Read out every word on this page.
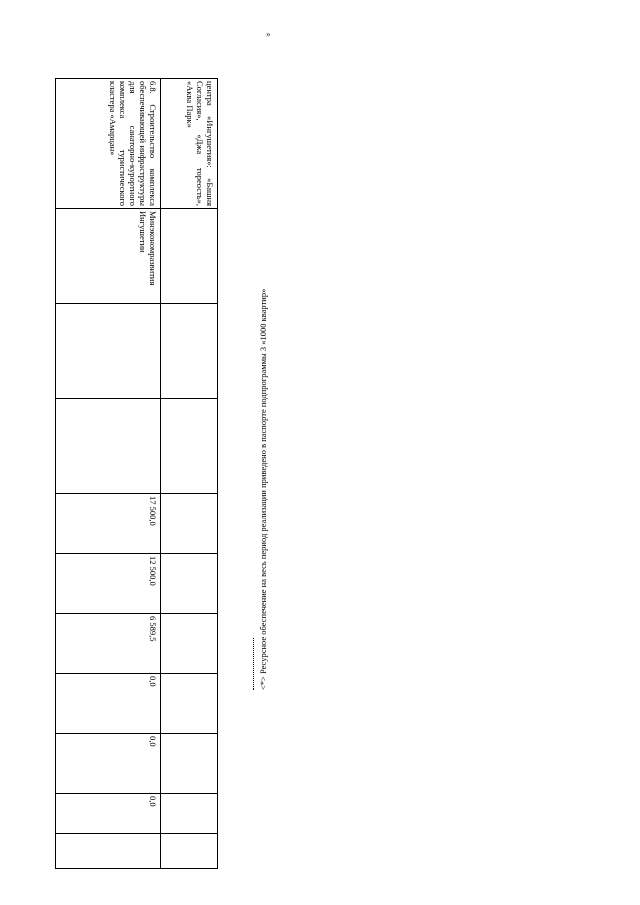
»
центра «Ингушетия»: «Башня Согласия», «Джа тореость», «Аква Парк»										
6.8. Строительство комплекса обеспечивающей инфраструктуры для санаторно-курортного комплекса туристического кластера «Амарцан»	Минэкономразвития Ингушетии			17 500,0	12 500,0	6 589,5	0,0	0,0	0,0	
<*> Ресурсное обеспечение на весь период реализации приведено в паспорте подпрограммы 3 «1000 квартир»
